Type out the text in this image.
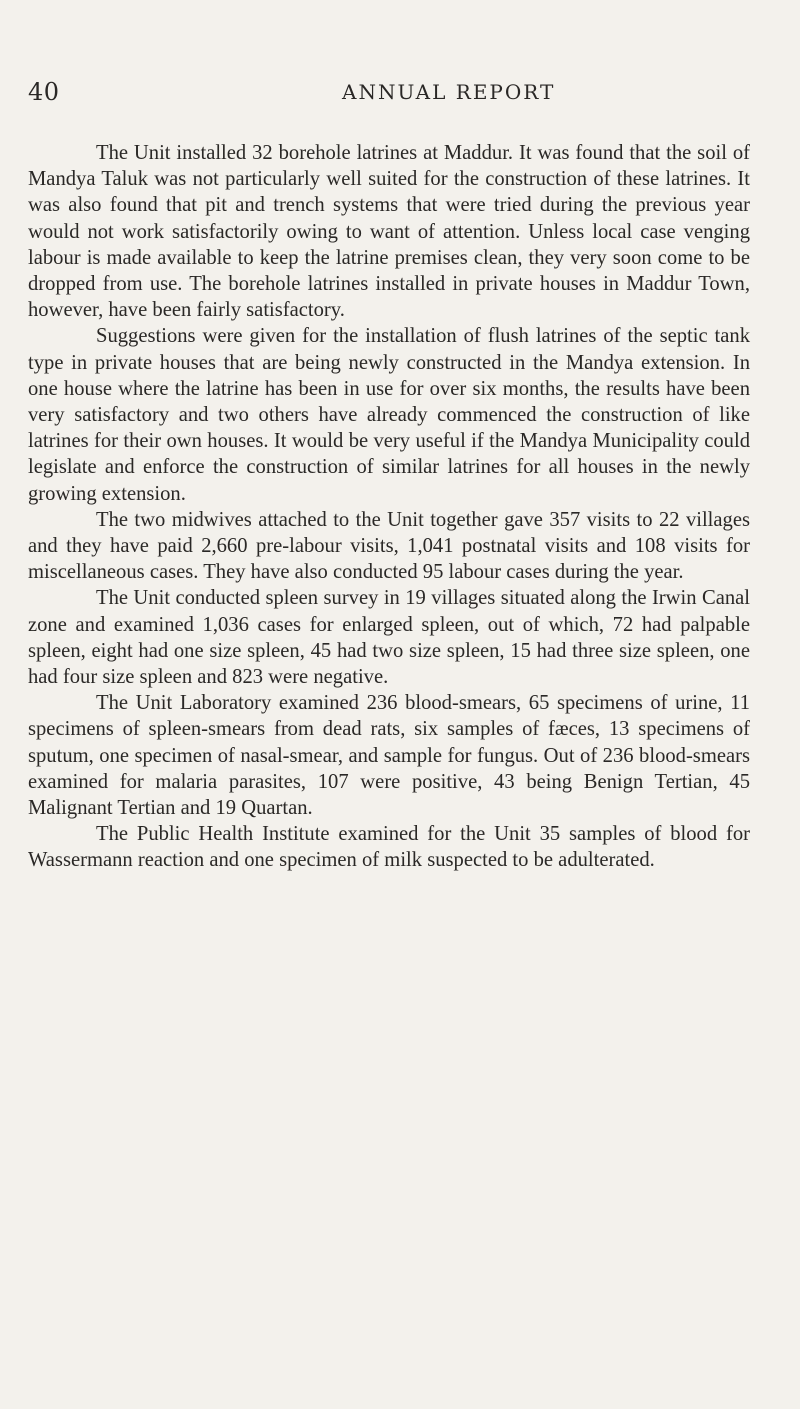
40	ANNUAL REPORT

The Unit installed 32 borehole latrines at Maddur. It was found that the soil of Mandya Taluk was not particularly well suited for the construction of these latrines. It was also found that pit and trench systems that were tried during the previous year would not work satisfactorily owing to want of attention. Unless local case venging labour is made available to keep the latrine premises clean, they very soon come to be dropped from use. The borehole latrines installed in private houses in Maddur Town, however, have been fairly satisfactory.

Suggestions were given for the installation of flush latrines of the septic tank type in private houses that are being newly constructed in the Mandya extension. In one house where the latrine has been in use for over six months, the results have been very satisfactory and two others have already commenced the construction of like latrines for their own houses. It would be very useful if the Mandya Municipality could legislate and enforce the construction of similar latrines for all houses in the newly growing extension.

The two midwives attached to the Unit together gave 357 visits to 22 villages and they have paid 2,660 pre-labour visits, 1,041 postnatal visits and 108 visits for miscellaneous cases. They have also conducted 95 labour cases during the year.

The Unit conducted spleen survey in 19 villages situated along the Irwin Canal zone and examined 1,036 cases for enlarged spleen, out of which, 72 had palpable spleen, eight had one size spleen, 45 had two size spleen, 15 had three size spleen, one had four size spleen and 823 were negative.

The Unit Laboratory examined 236 blood-smears, 65 specimens of urine, 11 specimens of spleen-smears from dead rats, six samples of fæces, 13 specimens of sputum, one specimen of nasal-smear, and sample for fungus. Out of 236 blood-smears examined for malaria parasites, 107 were positive, 43 being Benign Tertian, 45 Malignant Tertian and 19 Quartan.

The Public Health Institute examined for the Unit 35 samples of blood for Wassermann reaction and one specimen of milk suspected to be adulterated.
